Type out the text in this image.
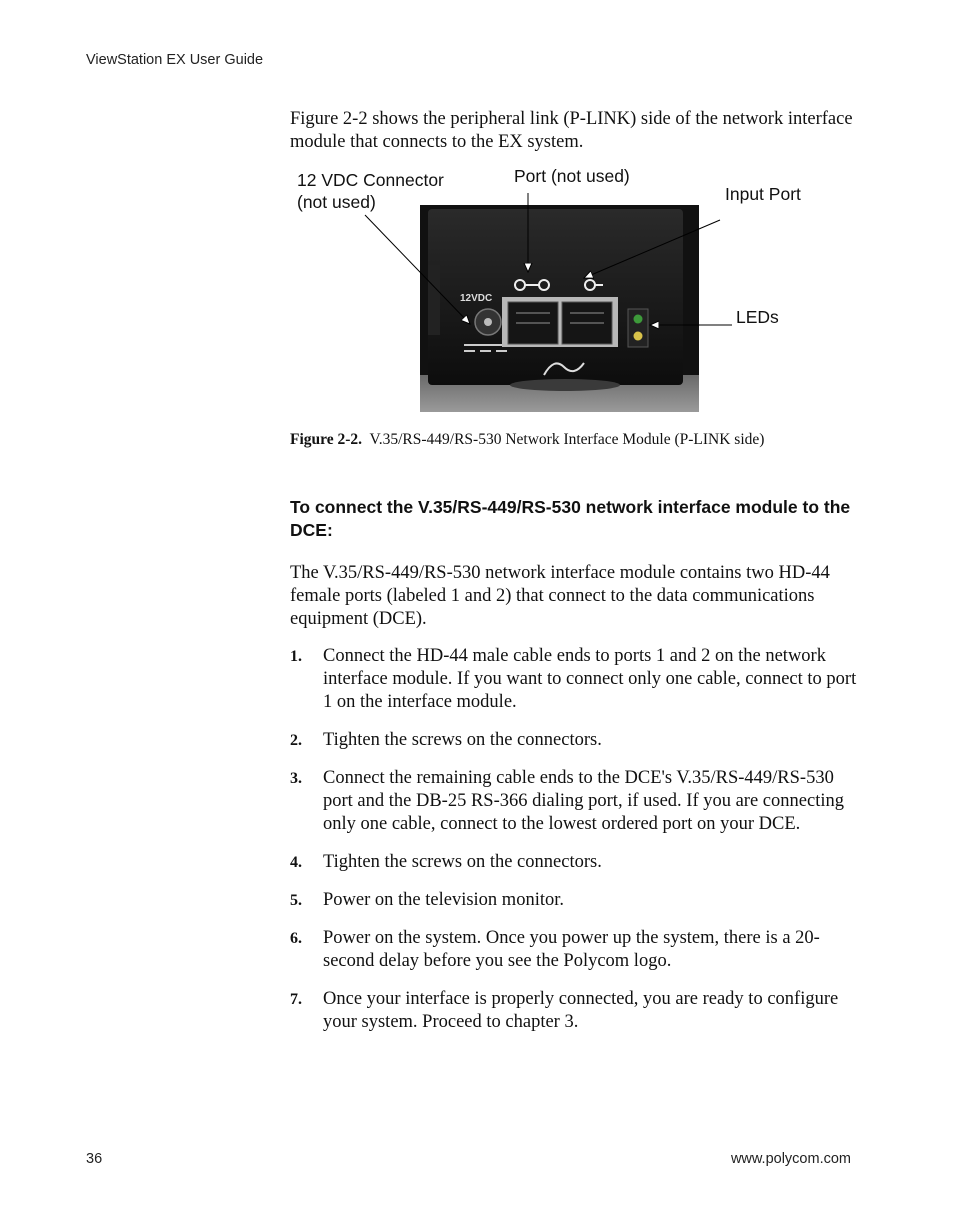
ViewStation EX User Guide

Figure 2-2 shows the peripheral link (P-LINK) side of the network interface module that connects to the EX system.

12 VDC Connector
(not used)
Port (not used)
Input Port
LEDs
12VDC
Figure 2-2. V.35/RS-449/RS-530 Network Interface Module (P-LINK side)
To connect the V.35/RS-449/RS-530 network interface module to the DCE:

The V.35/RS-449/RS-530 network interface module contains two HD-44 female ports (labeled 1 and 2) that connect to the data communications equipment (DCE).

1. Connect the HD-44 male cable ends to ports 1 and 2 on the network interface module. If you want to connect only one cable, connect to port 1 on the interface module.
2. Tighten the screws on the connectors.
3. Connect the remaining cable ends to the DCE's V.35/RS-449/RS-530 port and the DB-25 RS-366 dialing port, if used. If you are connecting only one cable, connect to the lowest ordered port on your DCE.
4. Tighten the screws on the connectors.
5. Power on the television monitor.
6. Power on the system. Once you power up the system, there is a 20-second delay before you see the Polycom logo.
7. Once your interface is properly connected, you are ready to configure your system. Proceed to chapter 3.
36	www.polycom.com
